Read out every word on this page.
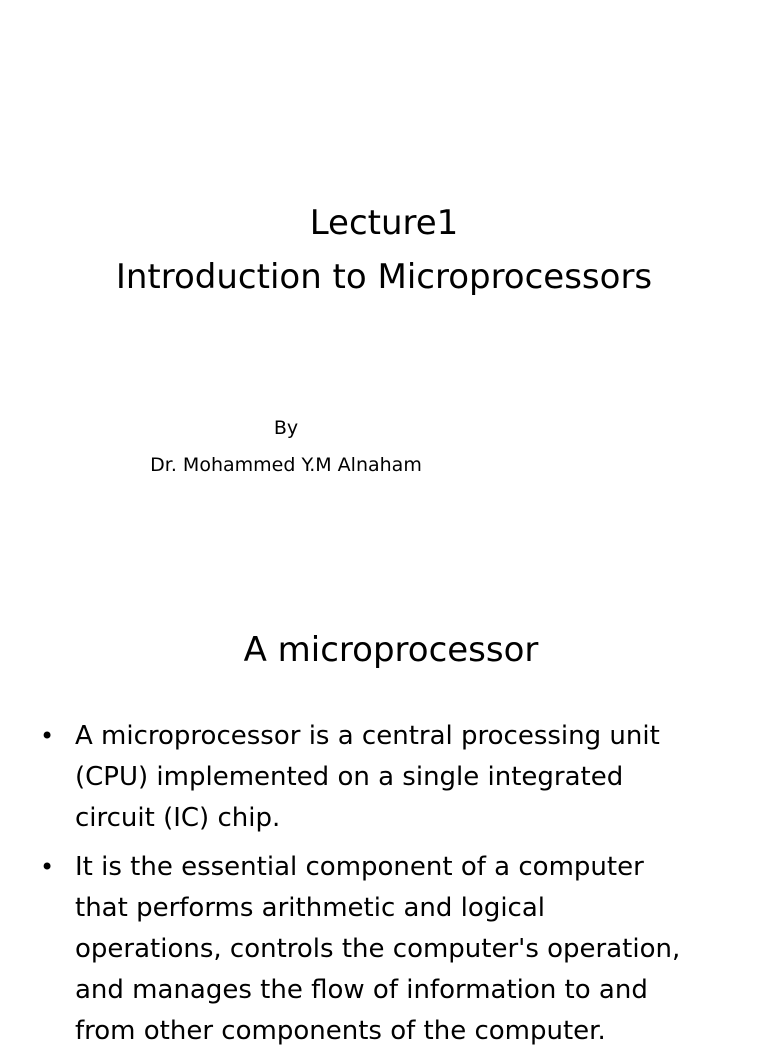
Lecture1
Introduction to Microprocessors
By
Dr. Mohammed Y.M Alnaham
A microprocessor
• A microprocessor is a central processing unit
(CPU) implemented on a single integrated
circuit (IC) chip.
• It is the essential component of a computer
that performs arithmetic and logical
operations, controls the computer's operation,
and manages the flow of information to and
from other components of the computer.
